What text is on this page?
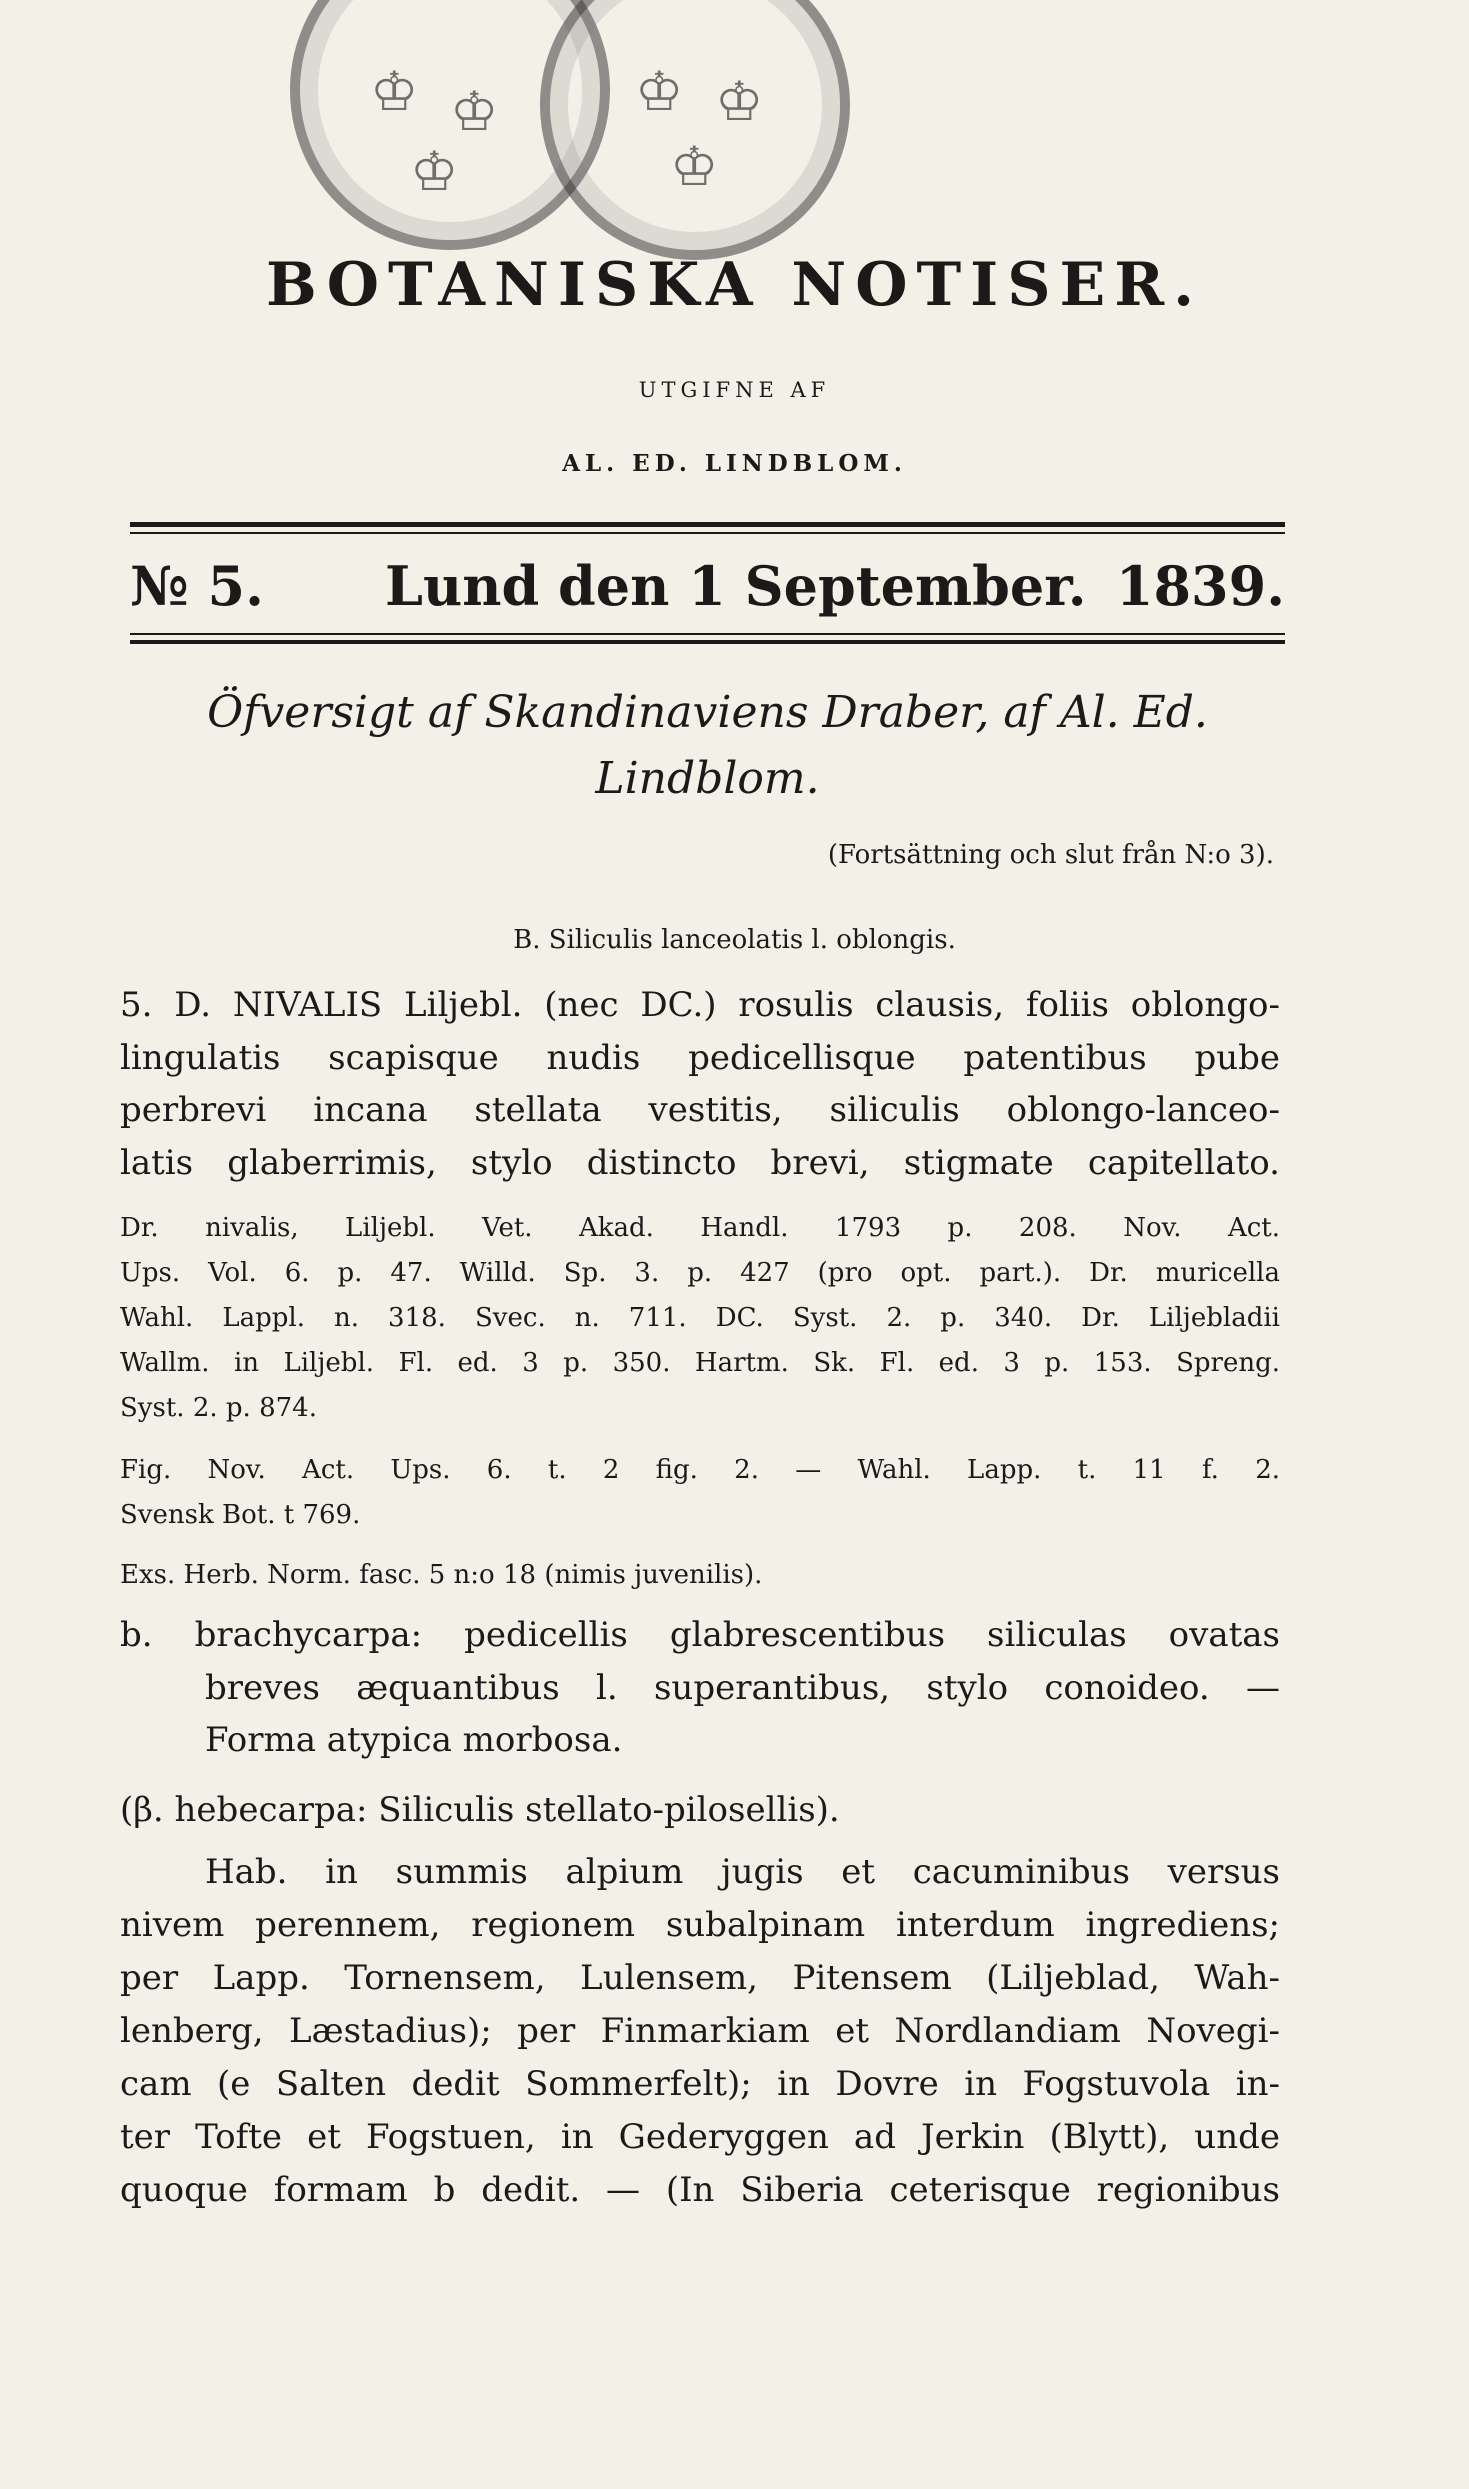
♔ ♔
♔
♔ ♔
♔
BOTANISKA NOTISER.
UTGIFNE AF
AL. ED. LINDBLOM.
№ 5. Lund den 1 September. 1839.
Öfversigt af Skandinaviens Draber, af Al. Ed.
Lindblom.
(Fortsättning och slut från N:o 3).
B. Siliculis lanceolatis l. oblongis.
5. D. NIVALIS Liljebl. (nec DC.) rosulis clausis, foliis oblongo-
lingulatis scapisque nudis pedicellisque patentibus pube
perbrevi incana stellata vestitis, siliculis oblongo-lanceo-
latis glaberrimis, stylo distincto brevi, stigmate capitellato.
Dr. nivalis, Liljebl. Vet. Akad. Handl. 1793 p. 208. Nov. Act.
Ups. Vol. 6. p. 47. Willd. Sp. 3. p. 427 (pro opt. part.). Dr. muricella
Wahl. Lappl. n. 318. Svec. n. 711. DC. Syst. 2. p. 340. Dr. Liljebladii
Wallm. in Liljebl. Fl. ed. 3 p. 350. Hartm. Sk. Fl. ed. 3 p. 153. Spreng.
Syst. 2. p. 874.
Fig. Nov. Act. Ups. 6. t. 2 fig. 2. — Wahl. Lapp. t. 11 f. 2.
Svensk Bot. t 769.
Exs. Herb. Norm. fasc. 5 n:o 18 (nimis juvenilis).
b. brachycarpa: pedicellis glabrescentibus siliculas ovatas
breves æquantibus l. superantibus, stylo conoideo. —
Forma atypica morbosa.
(β. hebecarpa: Siliculis stellato-pilosellis).
Hab. in summis alpium jugis et cacuminibus versus
nivem perennem, regionem subalpinam interdum ingrediens;
per Lapp. Tornensem, Lulensem, Pitensem (Liljeblad, Wah-
lenberg, Læstadius); per Finmarkiam et Nordlandiam Novegi-
cam (e Salten dedit Sommerfelt); in Dovre in Fogstuvola in-
ter Tofte et Fogstuen, in Gederyggen ad Jerkin (Blytt), unde
quoque formam b dedit. — (In Siberia ceterisque regionibus
